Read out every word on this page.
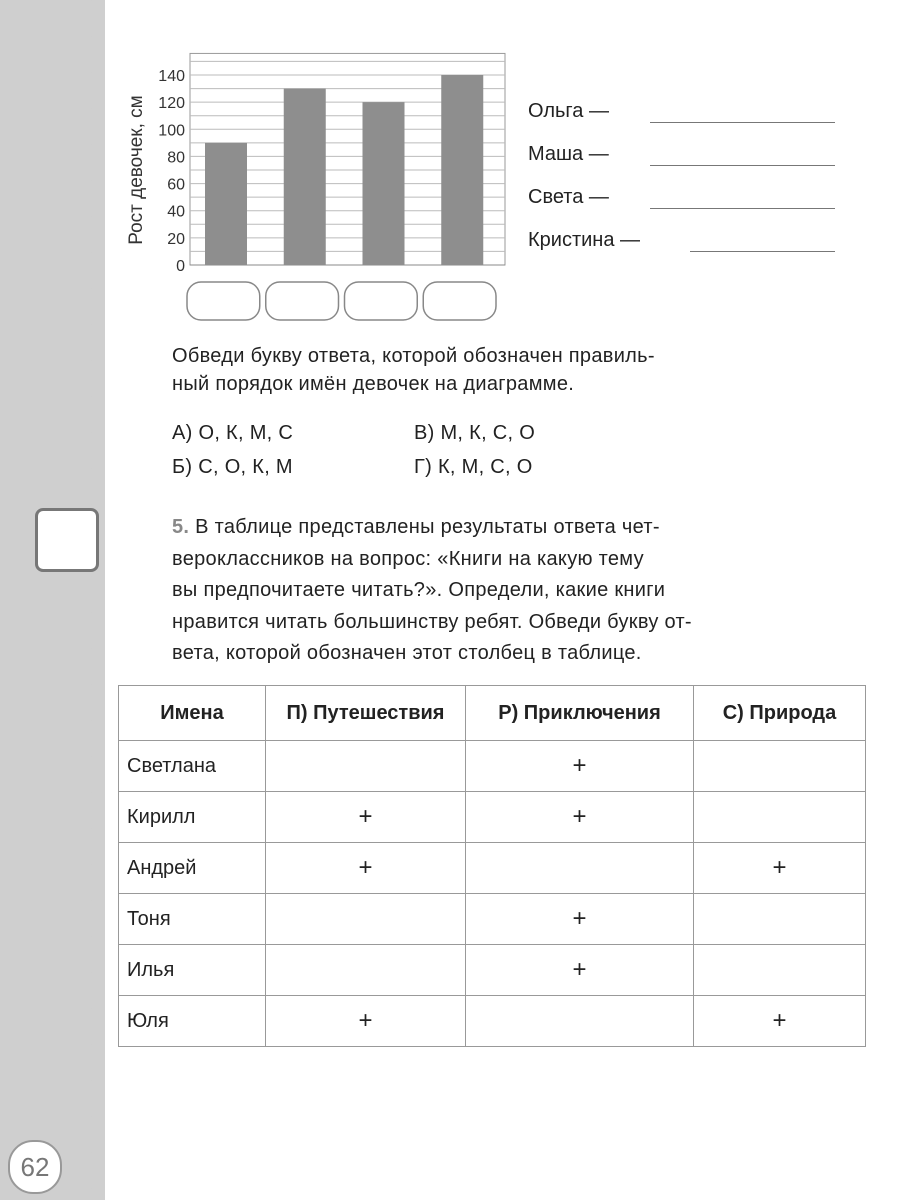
62
0
20
40
60
80
100
120
140
Рост девочек, см	Ольга —
Маша —
Света —
Кристина —
Обведи букву ответа, которой обозначен правиль-
ный порядок имён девочек на диаграмме.
А) О, К, М, С	В) М, К, С, О
Б) С, О, К, М	Г) К, М, С, О
5. В таблице представлены результаты ответа чет-
вероклассников на вопрос: «Книги на какую тему
вы предпочитаете читать?». Определи, какие книги
нравится читать большинству ребят. Обведи букву от-
вета, которой обозначен этот столбец в таблице.
Имена	П) Путешествия	Р) Приключения	С) Природа
Светлана		+	
Кирилл	+	+	
Андрей	+		+
Тоня		+	
Илья		+	
Юля	+		+
